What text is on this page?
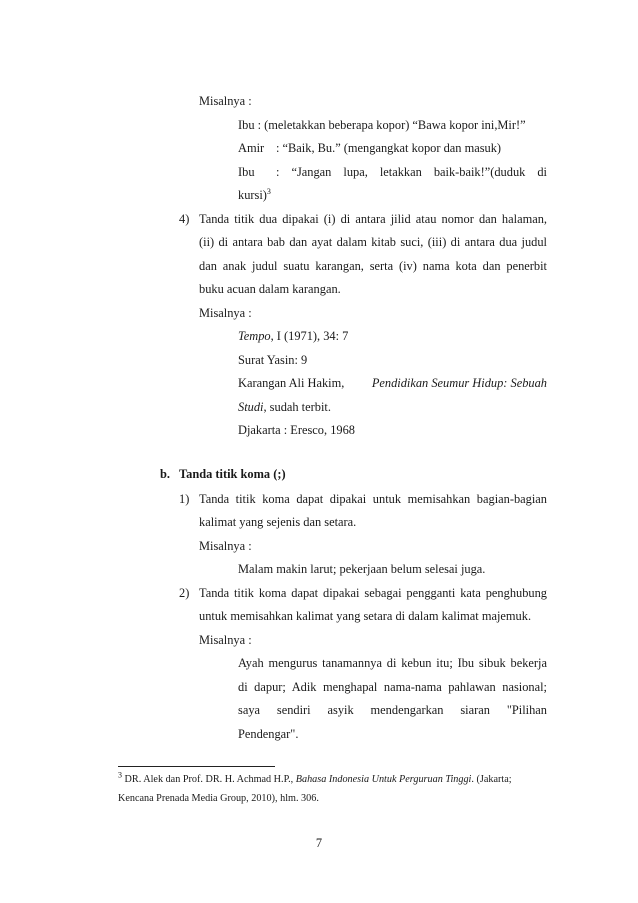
Misalnya :
Ibu : (meletakkan beberapa kopor) “Bawa kopor ini,Mir!”
Amir : “Baik, Bu.” (mengangkat kopor dan masuk)
Ibu : “Jangan lupa, letakkan baik-baik!”(duduk di
kursi)$^3$
4) Tanda titik dua dipakai (i) di antara jilid atau nomor dan halaman,
(ii) di antara bab dan ayat dalam kitab suci, (iii) di antara dua judul
dan anak judul suatu karangan, serta (iv) nama kota dan penerbit
buku acuan dalam karangan.
Misalnya :
Tempo, I (1971), 34: 7
Surat Yasin: 9
Karangan Ali Hakim, Pendidikan Seumur Hidup: Sebuah
Studi, sudah terbit.
Djakarta : Eresco, 1968
b. Tanda titik koma (;)
1) Tanda titik koma dapat dipakai untuk memisahkan bagian-bagian
kalimat yang sejenis dan setara.
Misalnya :
Malam makin larut; pekerjaan belum selesai juga.
2) Tanda titik koma dapat dipakai sebagai pengganti kata penghubung
untuk memisahkan kalimat yang setara di dalam kalimat majemuk.
Misalnya :
Ayah mengurus tanamannya di kebun itu; Ibu sibuk bekerja
di dapur; Adik menghapal nama-nama pahlawan nasional;
saya sendiri asyik mendengarkan siaran "Pilihan
Pendengar".
$^3$ DR. Alek dan Prof. DR. H. Achmad H.P., Bahasa Indonesia Untuk Perguruan Tinggi. (Jakarta;
Kencana Prenada Media Group, 2010), hlm. 306.
7
